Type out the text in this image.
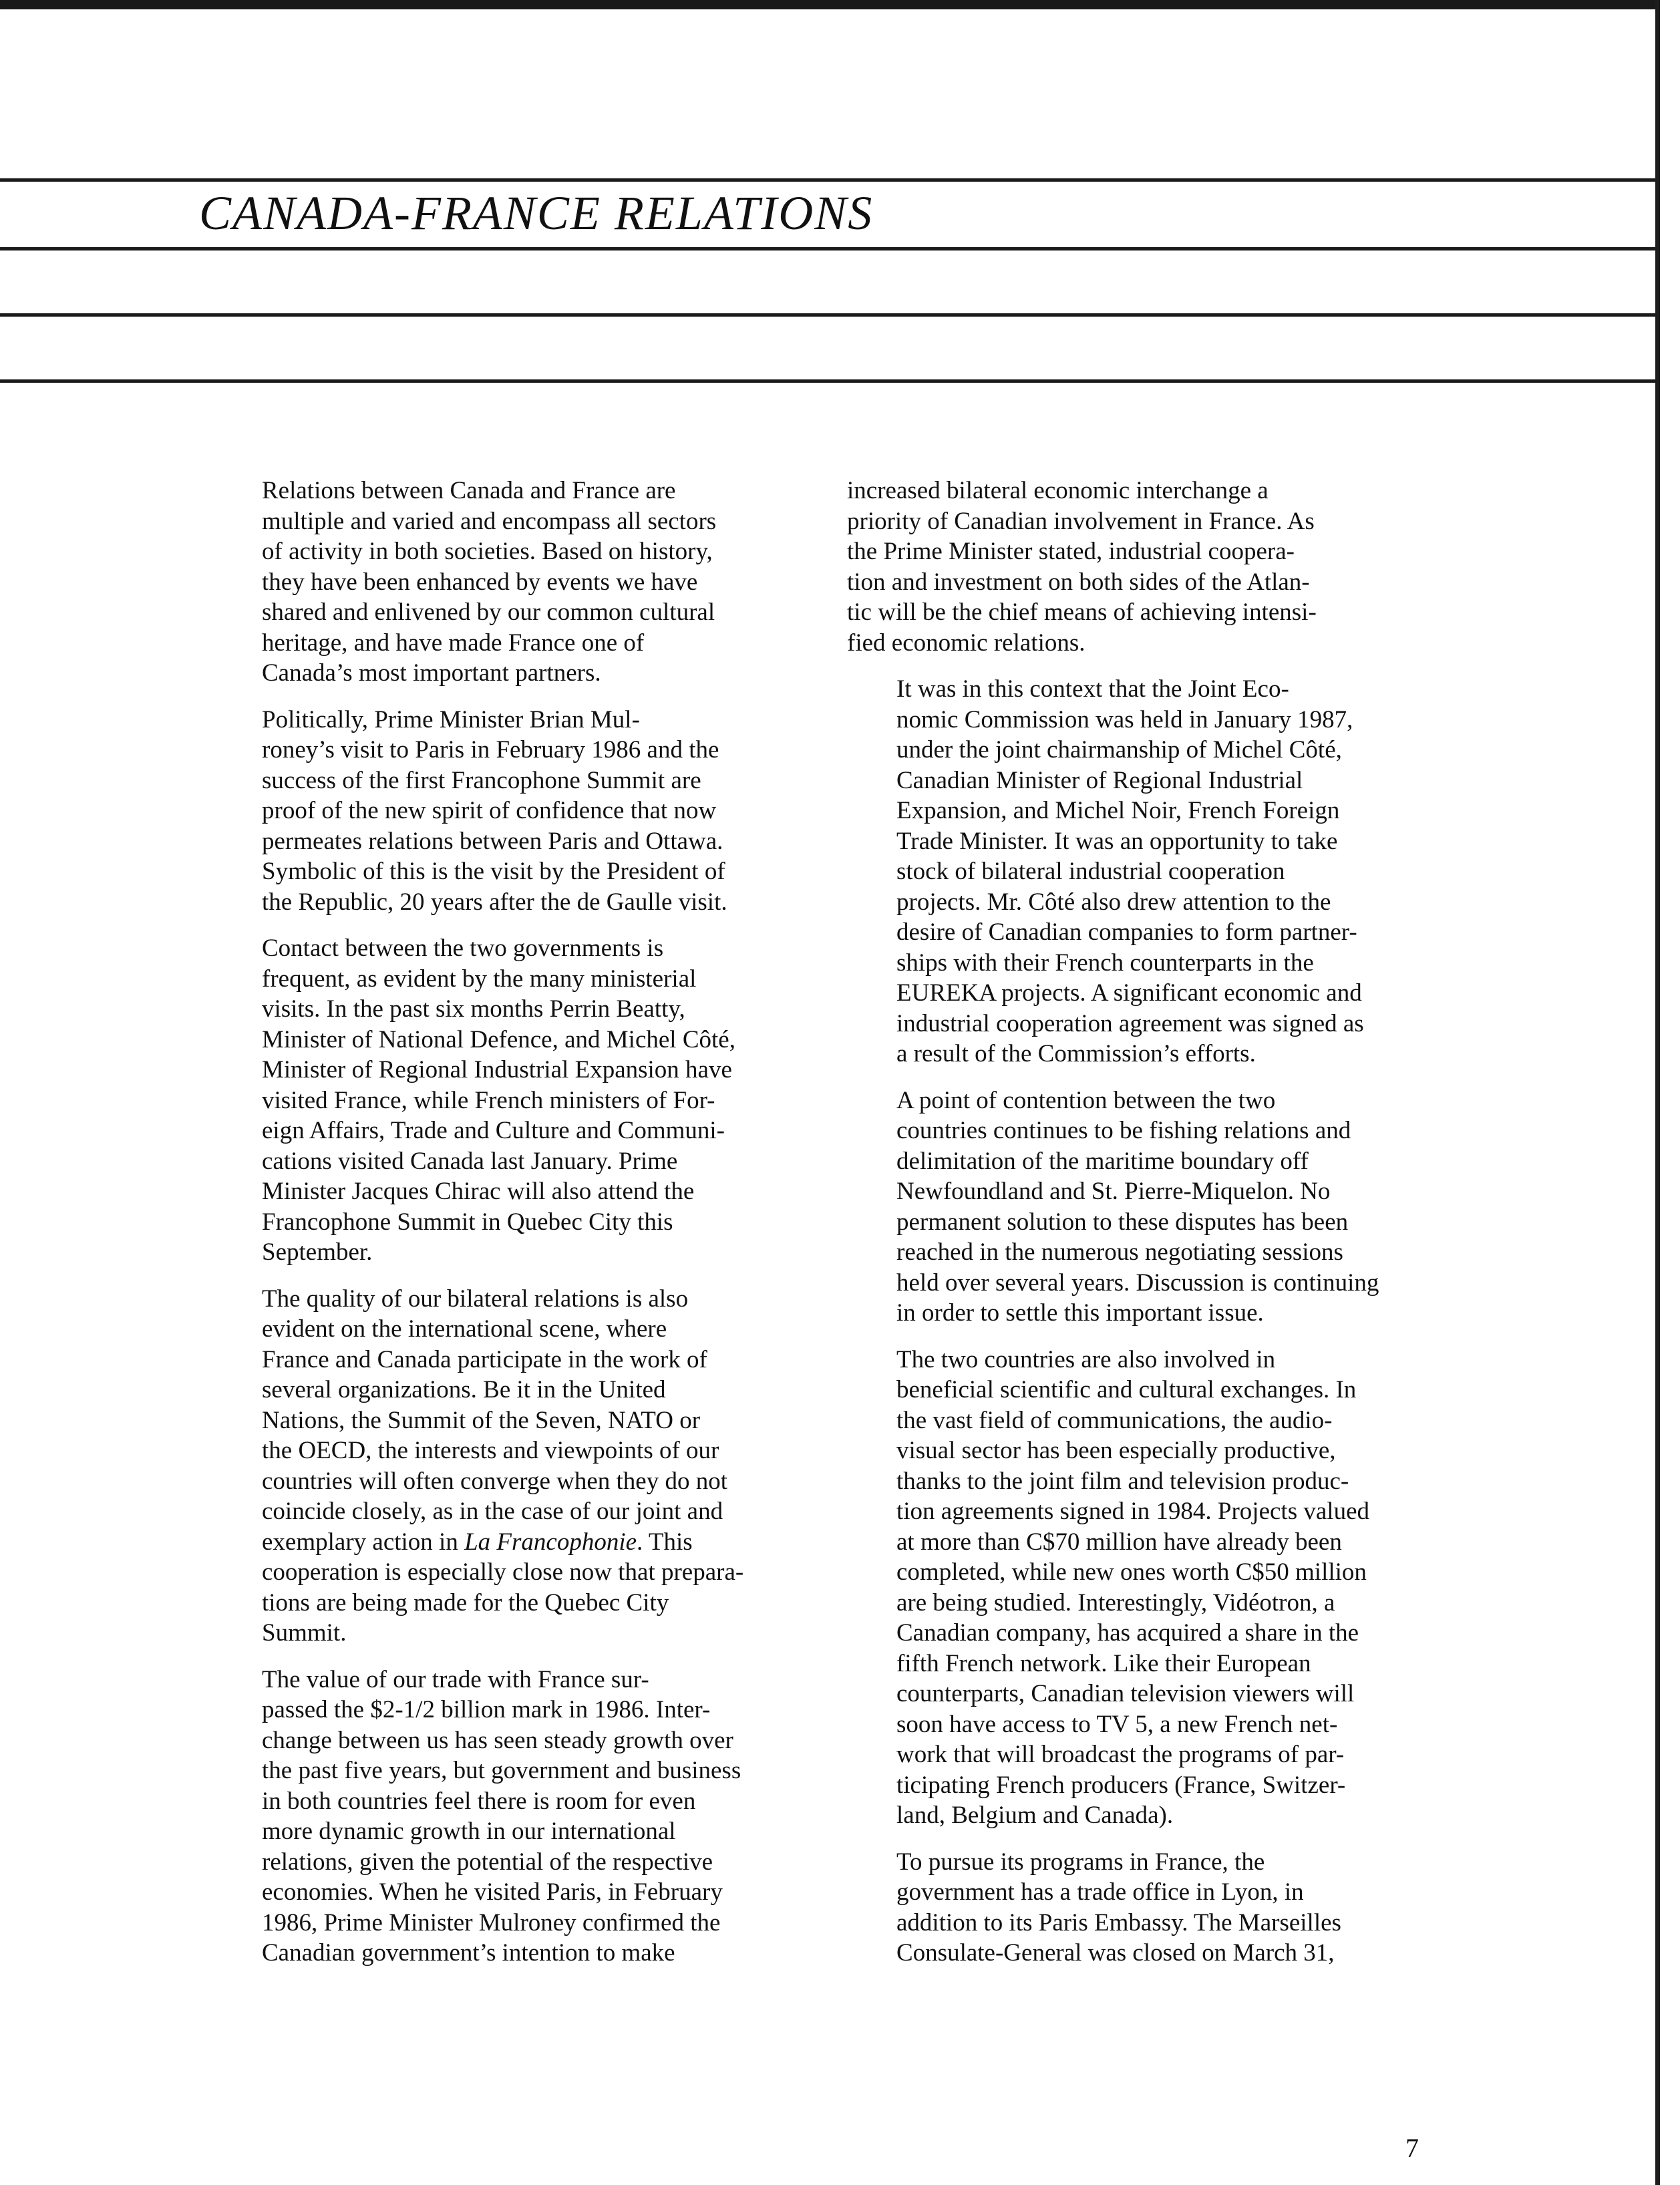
CANADA-FRANCE RELATIONS

Relations between Canada and France are
multiple and varied and encompass all sectors
of activity in both societies. Based on history,
they have been enhanced by events we have
shared and enlivened by our common cultural
heritage, and have made France one of
Canada’s most important partners.

Politically, Prime Minister Brian Mul-
roney’s visit to Paris in February 1986 and the
success of the first Francophone Summit are
proof of the new spirit of confidence that now
permeates relations between Paris and Ottawa.
Symbolic of this is the visit by the President of
the Republic, 20 years after the de Gaulle visit.

Contact between the two governments is
frequent, as evident by the many ministerial
visits. In the past six months Perrin Beatty,
Minister of National Defence, and Michel Côté,
Minister of Regional Industrial Expansion have
visited France, while French ministers of For-
eign Affairs, Trade and Culture and Communi-
cations visited Canada last January. Prime
Minister Jacques Chirac will also attend the
Francophone Summit in Quebec City this
September.

The quality of our bilateral relations is also
evident on the international scene, where
France and Canada participate in the work of
several organizations. Be it in the United
Nations, the Summit of the Seven, NATO or
the OECD, the interests and viewpoints of our
countries will often converge when they do not
coincide closely, as in the case of our joint and
exemplary action in La Francophonie. This
cooperation is especially close now that prepara-
tions are being made for the Quebec City
Summit.

The value of our trade with France sur-
passed the $2-1/2 billion mark in 1986. Inter-
change between us has seen steady growth over
the past five years, but government and business
in both countries feel there is room for even
more dynamic growth in our international
relations, given the potential of the respective
economies. When he visited Paris, in February
1986, Prime Minister Mulroney confirmed the
Canadian government’s intention to make

increased bilateral economic interchange a
priority of Canadian involvement in France. As
the Prime Minister stated, industrial coopera-
tion and investment on both sides of the Atlan-
tic will be the chief means of achieving intensi-
fied economic relations.

It was in this context that the Joint Eco-
nomic Commission was held in January 1987,
under the joint chairmanship of Michel Côté,
Canadian Minister of Regional Industrial
Expansion, and Michel Noir, French Foreign
Trade Minister. It was an opportunity to take
stock of bilateral industrial cooperation
projects. Mr. Côté also drew attention to the
desire of Canadian companies to form partner-
ships with their French counterparts in the
EUREKA projects. A significant economic and
industrial cooperation agreement was signed as
a result of the Commission’s efforts.

A point of contention between the two
countries continues to be fishing relations and
delimitation of the maritime boundary off
Newfoundland and St. Pierre-Miquelon. No
permanent solution to these disputes has been
reached in the numerous negotiating sessions
held over several years. Discussion is continuing
in order to settle this important issue.

The two countries are also involved in
beneficial scientific and cultural exchanges. In
the vast field of communications, the audio-
visual sector has been especially productive,
thanks to the joint film and television produc-
tion agreements signed in 1984. Projects valued
at more than C$70 million have already been
completed, while new ones worth C$50 million
are being studied. Interestingly, Vidéotron, a
Canadian company, has acquired a share in the
fifth French network. Like their European
counterparts, Canadian television viewers will
soon have access to TV 5, a new French net-
work that will broadcast the programs of par-
ticipating French producers (France, Switzer-
land, Belgium and Canada).

To pursue its programs in France, the
government has a trade office in Lyon, in
addition to its Paris Embassy. The Marseilles
Consulate-General was closed on March 31,

7
